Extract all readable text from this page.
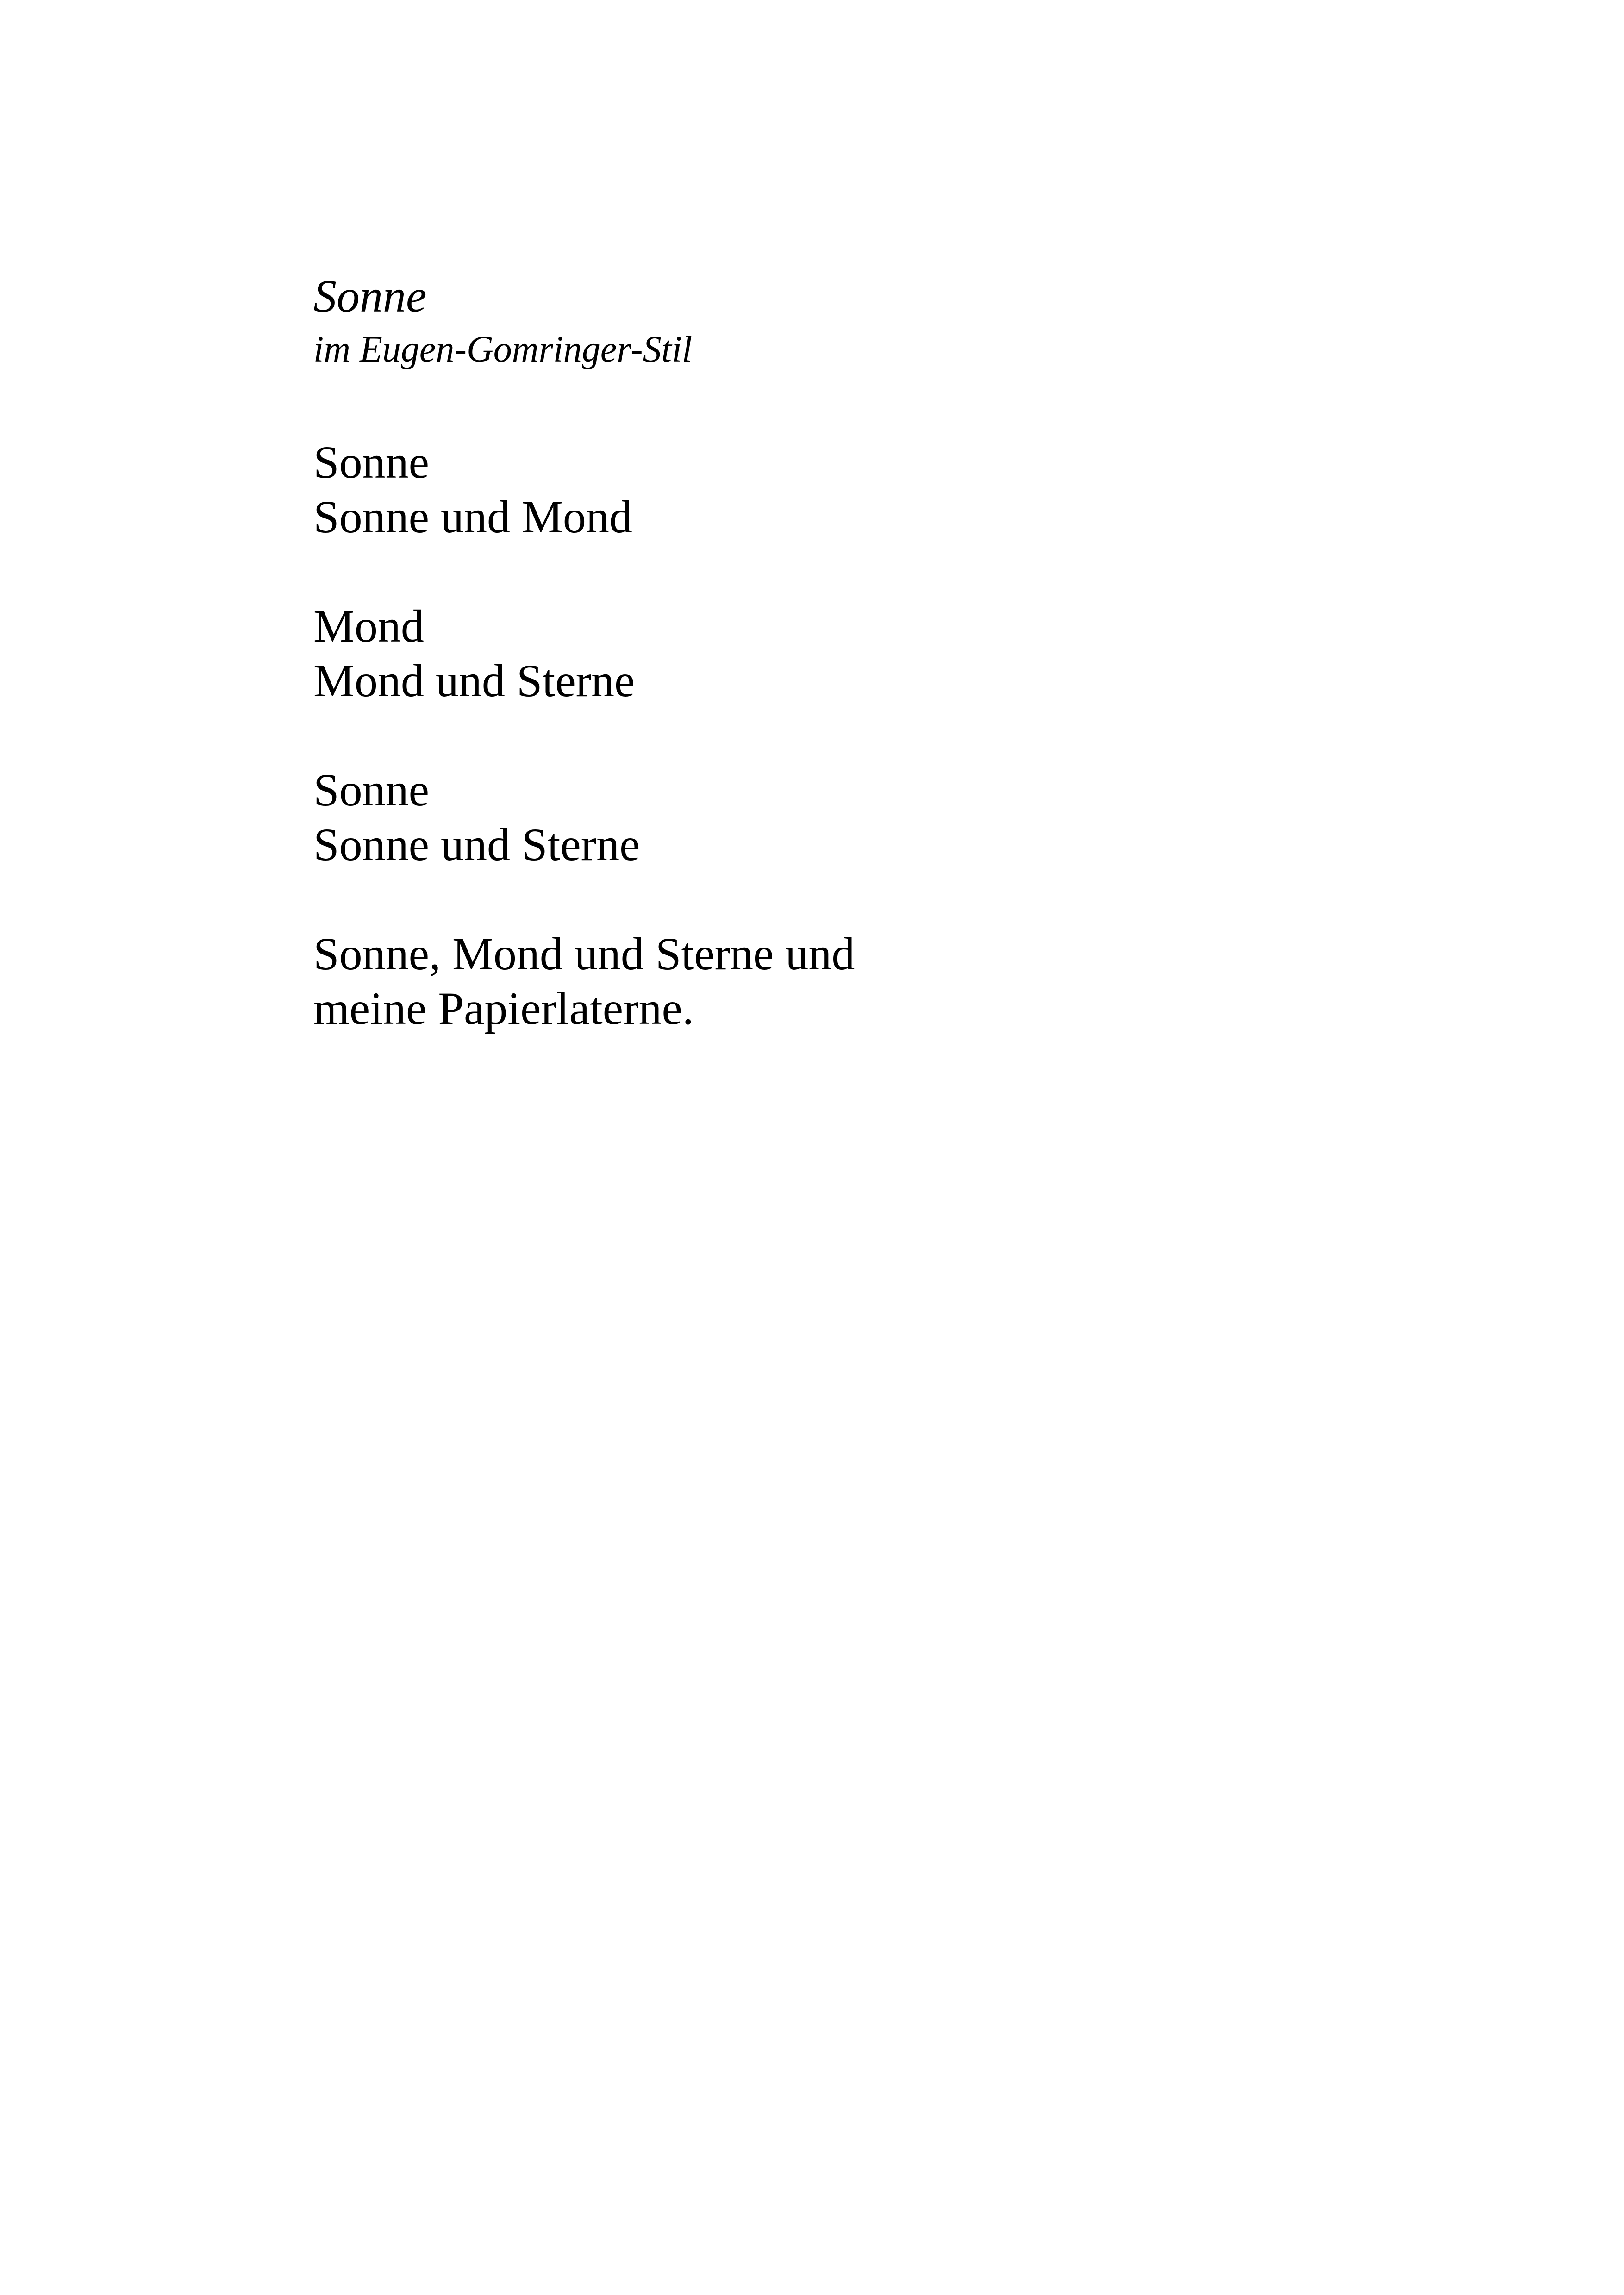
Sonne

im Eugen-Gomringer-Stil

Sonne
Sonne und Mond
Mond
Mond und Sterne
Sonne
Sonne und Sterne
Sonne, Mond und Sterne und
meine Papierlaterne.
